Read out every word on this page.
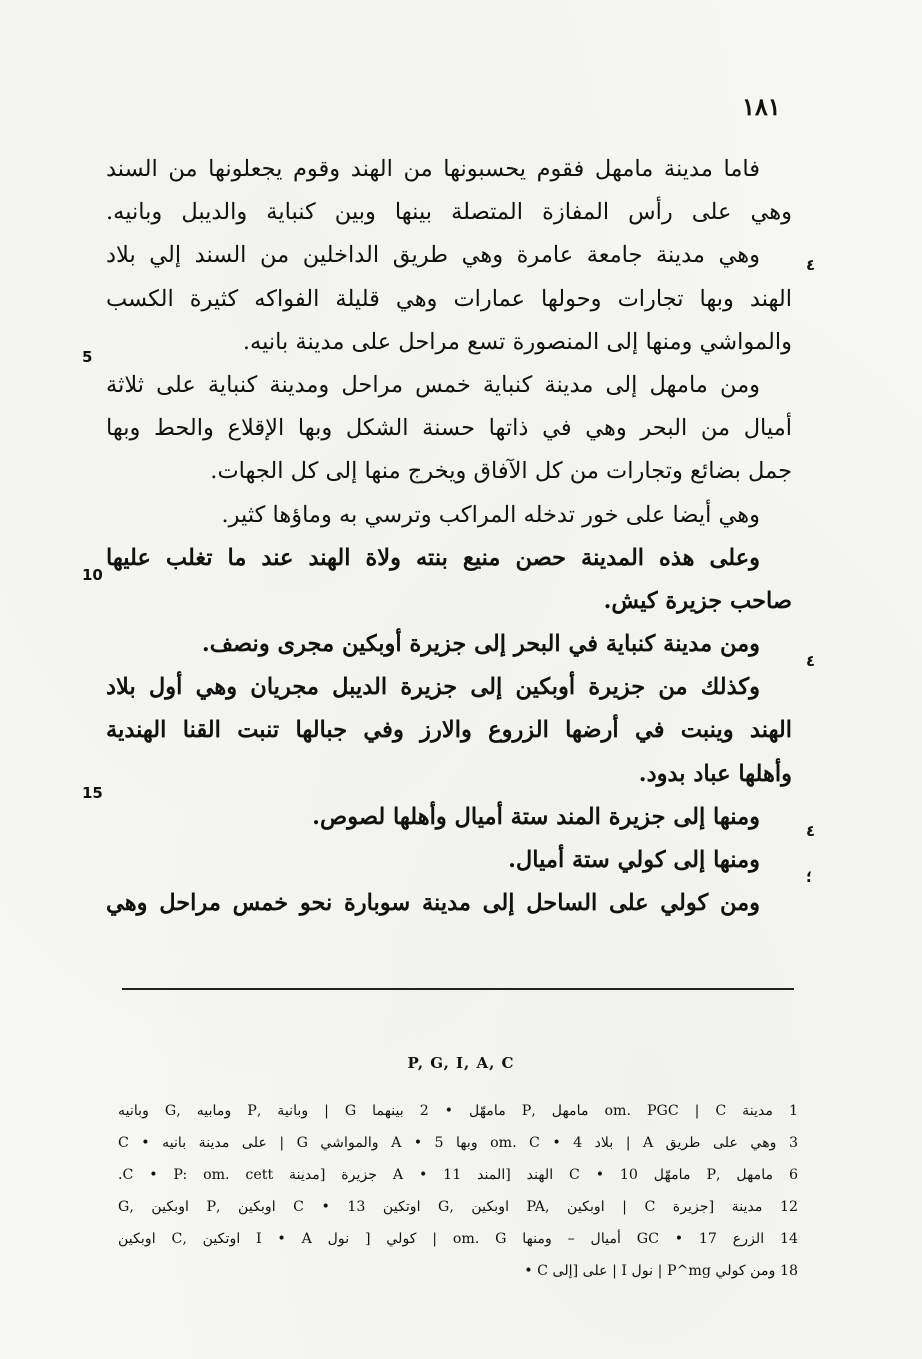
١٨١
فاما مدينة مامهل فقوم يحسبونها من الهند وقوم يجعلونها من السند
وهي على رأس المفازة المتصلة بينها وبين كنباية والديبل وبانيه.
وهي مدينة جامعة عامرة وهي طريق الداخلين من السند إلي بلاد
الهند وبها تجارات وحولها عمارات وهي قليلة الفواكه كثيرة الكسب
والمواشي ومنها إلى المنصورة تسع مراحل على مدينة بانيه.
ومن مامهل إلى مدينة كنباية خمس مراحل ومدينة كنباية على ثلاثة
أميال من البحر وهي في ذاتها حسنة الشكل وبها الإقلاع والحط وبها
جمل بضائع وتجارات من كل الآفاق ويخرج منها إلى كل الجهات.
وهي أيضا على خور تدخله المراكب وترسي به وماؤها كثير.
وعلى هذه المدينة حصن منيع بنته ولاة الهند عند ما تغلب عليها
صاحب جزيرة كيش.
ومن مدينة كنباية في البحر إلى جزيرة أوبكين مجرى ونصف.
وكذلك من جزيرة أوبكين إلى جزيرة الديبل مجريان وهي أول بلاد
الهند وينبت في أرضها الزروع والارز وفي جبالها تنبت القنا الهندية
وأهلها عباد بدود.
ومنها إلى جزيرة المند ستة أميال وأهلها لصوص.
ومنها إلى كولي ستة أميال.
ومن كولي على الساحل إلى مدينة سوبارة نحو خمس مراحل وهي
5
10
15
٤
٤
٤
؛
P, G, I, A, C
1 مدينة om. PGC | C مامهل ,P مامهّل • 2 بينهما G | وبانية ,P ومابيه ,G وبانيه
3 وهي على طريق A | بلاد om. C • 4 وبها A • 5 والمواشي G | على مدينة بانيه • C
6 مامهل ,P مامهّل C • 10 الهند [المند A • 11 جزيرة [مدينة C • P: om. cett.
12 مدينة [جزيرة C | اوبكين ,PA اوبكين ,G اوتكين C • 13 اوبكين ,P اوبكين ,G
14 الزرع GC • 17 أميال – ومنها om. G | كولي [ نول I • A اوتكين ,C اوبكين
18 ومن كولي P^mg | نول I | على [إلى C •
